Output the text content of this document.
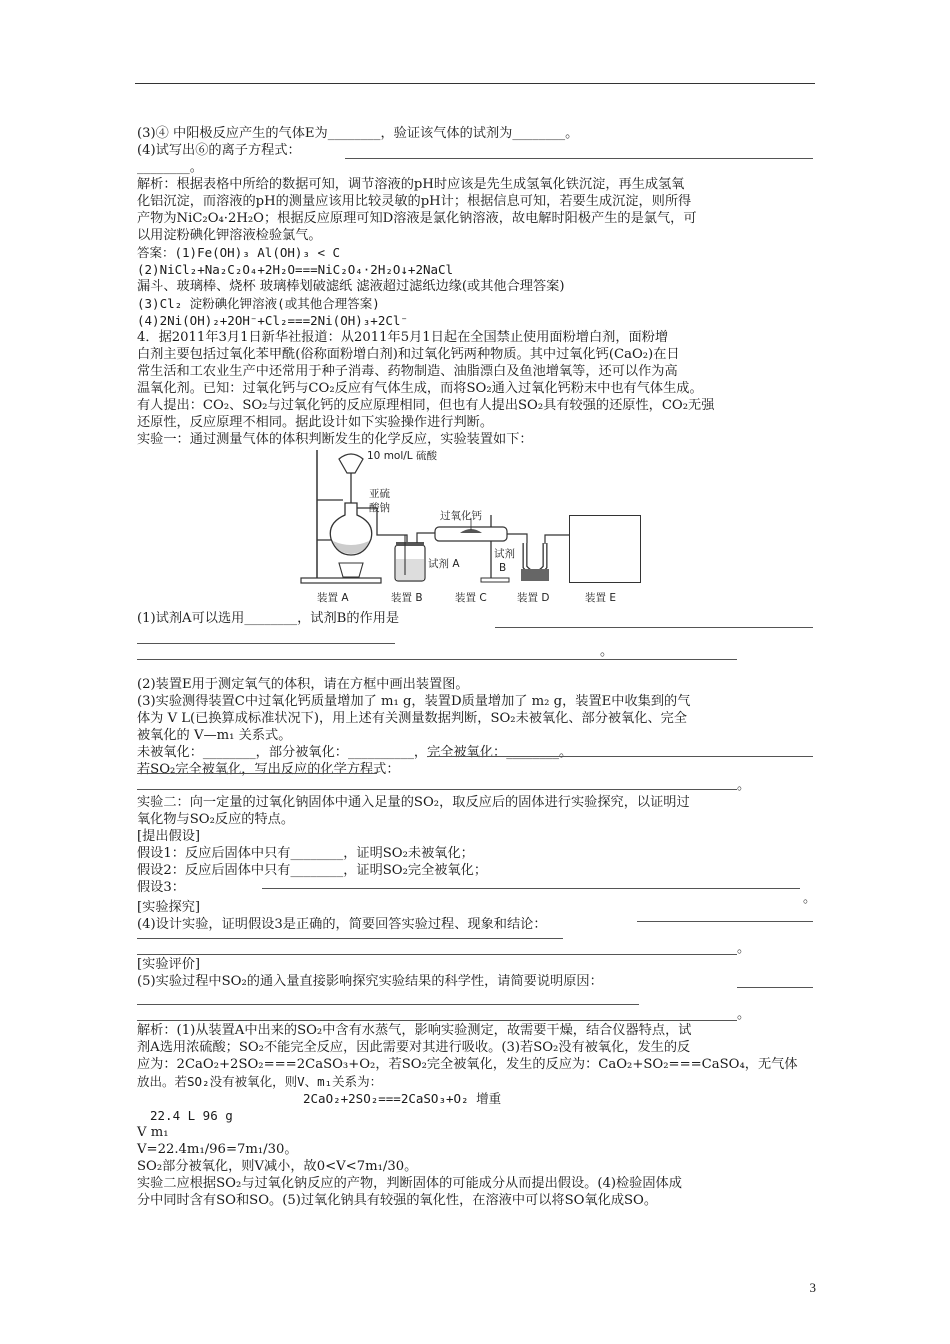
(3)④ 中阳极反应产生的气体E为________，验证该气体的试剂为________。
(4)试写出⑥的离子方程式：
________。
解析：根据表格中所给的数据可知，调节溶液的pH时应该是先生成氢氧化铁沉淀，再生成氢氧
化铝沉淀，而溶液的pH的测量应该用比较灵敏的pH计；根据信息可知，若要生成沉淀，则所得
产物为NiC₂O₄·2H₂O；根据反应原理可知D溶液是氯化钠溶液，故电解时阳极产生的是氯气，可
以用淀粉碘化钾溶液检验氯气。
答案：(1)Fe(OH)₃ Al(OH)₃ < C
(2)NiCl₂+Na₂C₂O₄+2H₂O===NiC₂O₄·2H₂O↓+2NaCl
漏斗、玻璃棒、烧杯 玻璃棒划破滤纸 滤液超过滤纸边缘(或其他合理答案)
(3)Cl₂ 淀粉碘化钾溶液(或其他合理答案)
(4)2Ni(OH)₂+2OH⁻+Cl₂===2Ni(OH)₃+2Cl⁻
4．据2011年3月1日新华社报道：从2011年5月1日起在全国禁止使用面粉增白剂，面粉增
白剂主要包括过氧化苯甲酰(俗称面粉增白剂)和过氧化钙两种物质。其中过氧化钙(CaO₂)在日
常生活和工农业生产中还常用于种子消毒、药物制造、油脂漂白及鱼池增氧等，还可以作为高
温氧化剂。已知：过氧化钙与CO₂反应有气体生成，而将SO₂通入过氧化钙粉末中也有气体生成。
有人提出：CO₂、SO₂与过氧化钙的反应原理相同，但也有人提出SO₂具有较强的还原性，CO₂无强
还原性，反应原理不相同。据此设计如下实验操作进行判断。
实验一：通过测量气体的体积判断发生的化学反应，实验装置如下：
(1)试剂A可以选用________，试剂B的作用是
。
(2)装置E用于测定氧气的体积，请在方框中画出装置图。
(3)实验测得装置C中过氧化钙质量增加了 m₁ g，装置D质量增加了 m₂ g，装置E中收集到的气
体为 V L(已换算成标准状况下)，用上述有关测量数据判断，SO₂未被氧化、部分被氧化、完全
被氧化的 V—m₁ 关系式。
未被氧化：________，部分被氧化：__________，完全被氧化：________。
若SO₂完全被氧化，写出反应的化学方程式：
。
实验二：向一定量的过氧化钠固体中通入足量的SO₂，取反应后的固体进行实验探究，以证明过
氧化物与SO₂反应的特点。
[提出假设]
假设1：反应后固体中只有________，证明SO₂未被氧化；
假设2：反应后固体中只有________，证明SO₂完全被氧化；
假设3：
。
[实验探究]
(4)设计实验，证明假设3是正确的，简要回答实验过程、现象和结论：
。
[实验评价]
(5)实验过程中SO₂的通入量直接影响探究实验结果的科学性，请简要说明原因：
。
解析：(1)从装置A中出来的SO₂中含有水蒸气，影响实验测定，故需要干燥，结合仪器特点，试
剂A选用浓硫酸；SO₂不能完全反应，因此需要对其进行吸收。(3)若SO₂没有被氧化，发生的反
应为：2CaO₂+2SO₂===2CaSO₃+O₂，若SO₂完全被氧化，发生的反应为：CaO₂+SO₂===CaSO₄，无气体
放出。若SO₂没有被氧化，则V、m₁关系为：
2CaO₂+2SO₂===2CaSO₃+O₂ 增重
22.4 L 96 g
V m₁
V=22.4m₁/96=7m₁/30。
SO₂部分被氧化，则V减小，故0<V<7m₁/30。
实验二应根据SO₂与过氧化钠反应的产物，判断固体的可能成分从而提出假设。(4)检验固体成
分中同时含有SO和SO。(5)过氧化钠具有较强的氧化性，在溶液中可以将SO氧化成SO。
10 mol/L 硫酸
亚硫
酸钠
过氧化钙
试剂 A
试剂
B
装置 A	装置 B	装置 C	装置 D	装置 E
3
